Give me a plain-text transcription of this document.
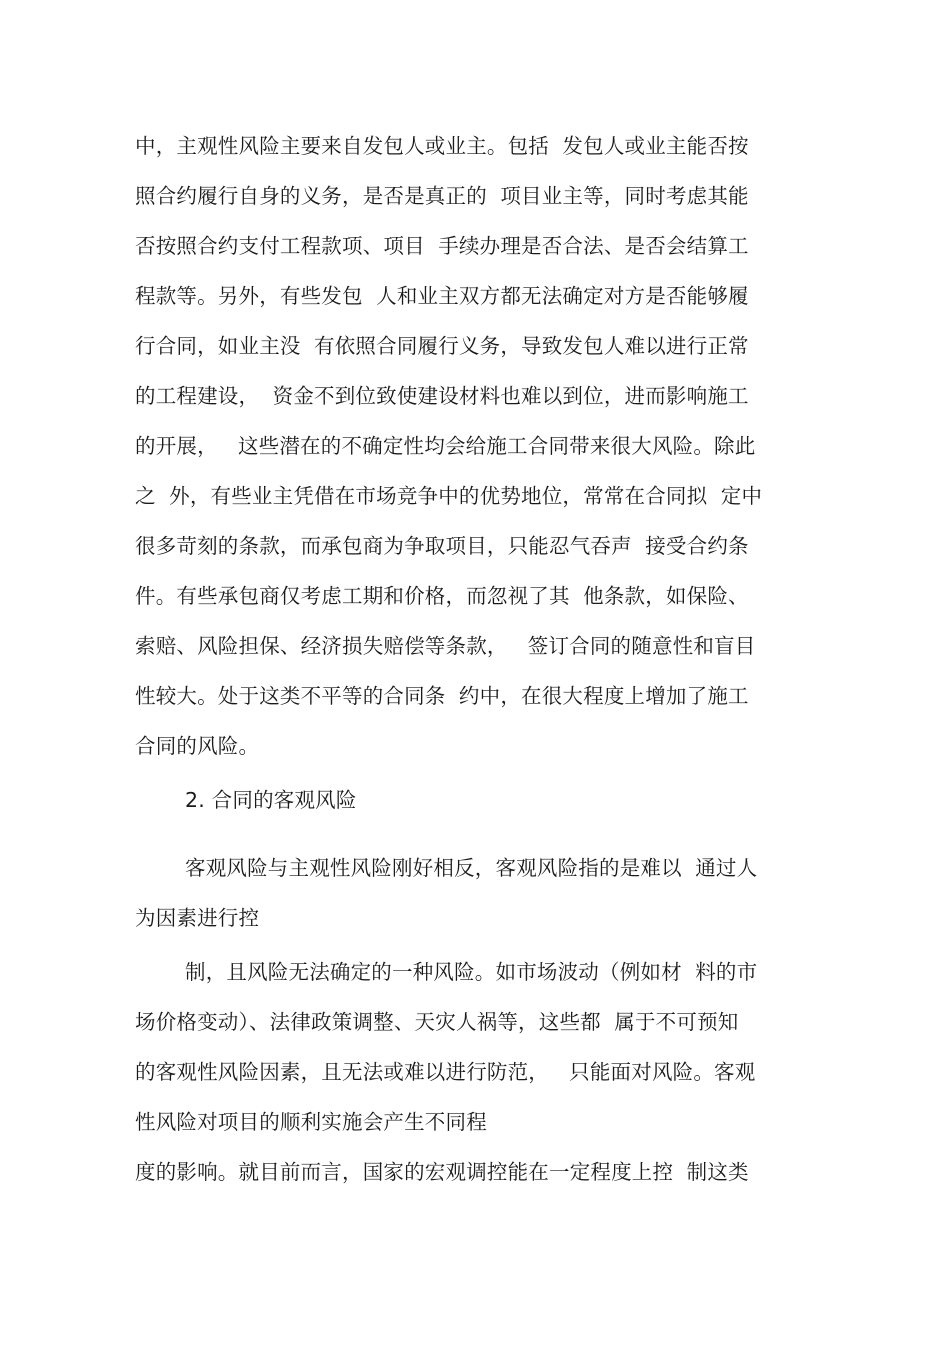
中，主观性风险主要来自发包人或业主。包括  发包人或业主能否按
照合约履行自身的义务，是否是真正的  项目业主等，同时考虑其能
否按照合约支付工程款项、项目  手续办理是否合法、是否会结算工
程款等。另外，有些发包  人和业主双方都无法确定对方是否能够履
行合同，如业主没  有依照合同履行义务，导致发包人难以进行正常
的工程建设，  资金不到位致使建设材料也难以到位，进而影响施工
的开展，   这些潜在的不确定性均会给施工合同带来很大风险。除此
之  外，有些业主凭借在市场竞争中的优势地位，常常在合同拟  定中
很多苛刻的条款，而承包商为争取项目，只能忍气吞声  接受合约条
件。有些承包商仅考虑工期和价格，而忽视了其  他条款，如保险、
索赔、风险担保、经济损失赔偿等条款，   签订合同的随意性和盲目
性较大。处于这类不平等的合同条  约中，在很大程度上增加了施工
合同的风险。
2. 合同的客观风险
客观风险与主观性风险刚好相反，客观风险指的是难以  通过人
为因素进行控
制，且风险无法确定的一种风险。如市场波动（例如材  料的市
场价格变动）、法律政策调整、天灾人祸等，这些都  属于不可预知
的客观性风险因素，且无法或难以进行防范，   只能面对风险。客观
性风险对项目的顺利实施会产生不同程
度的影响。就目前而言，国家的宏观调控能在一定程度上控  制这类
